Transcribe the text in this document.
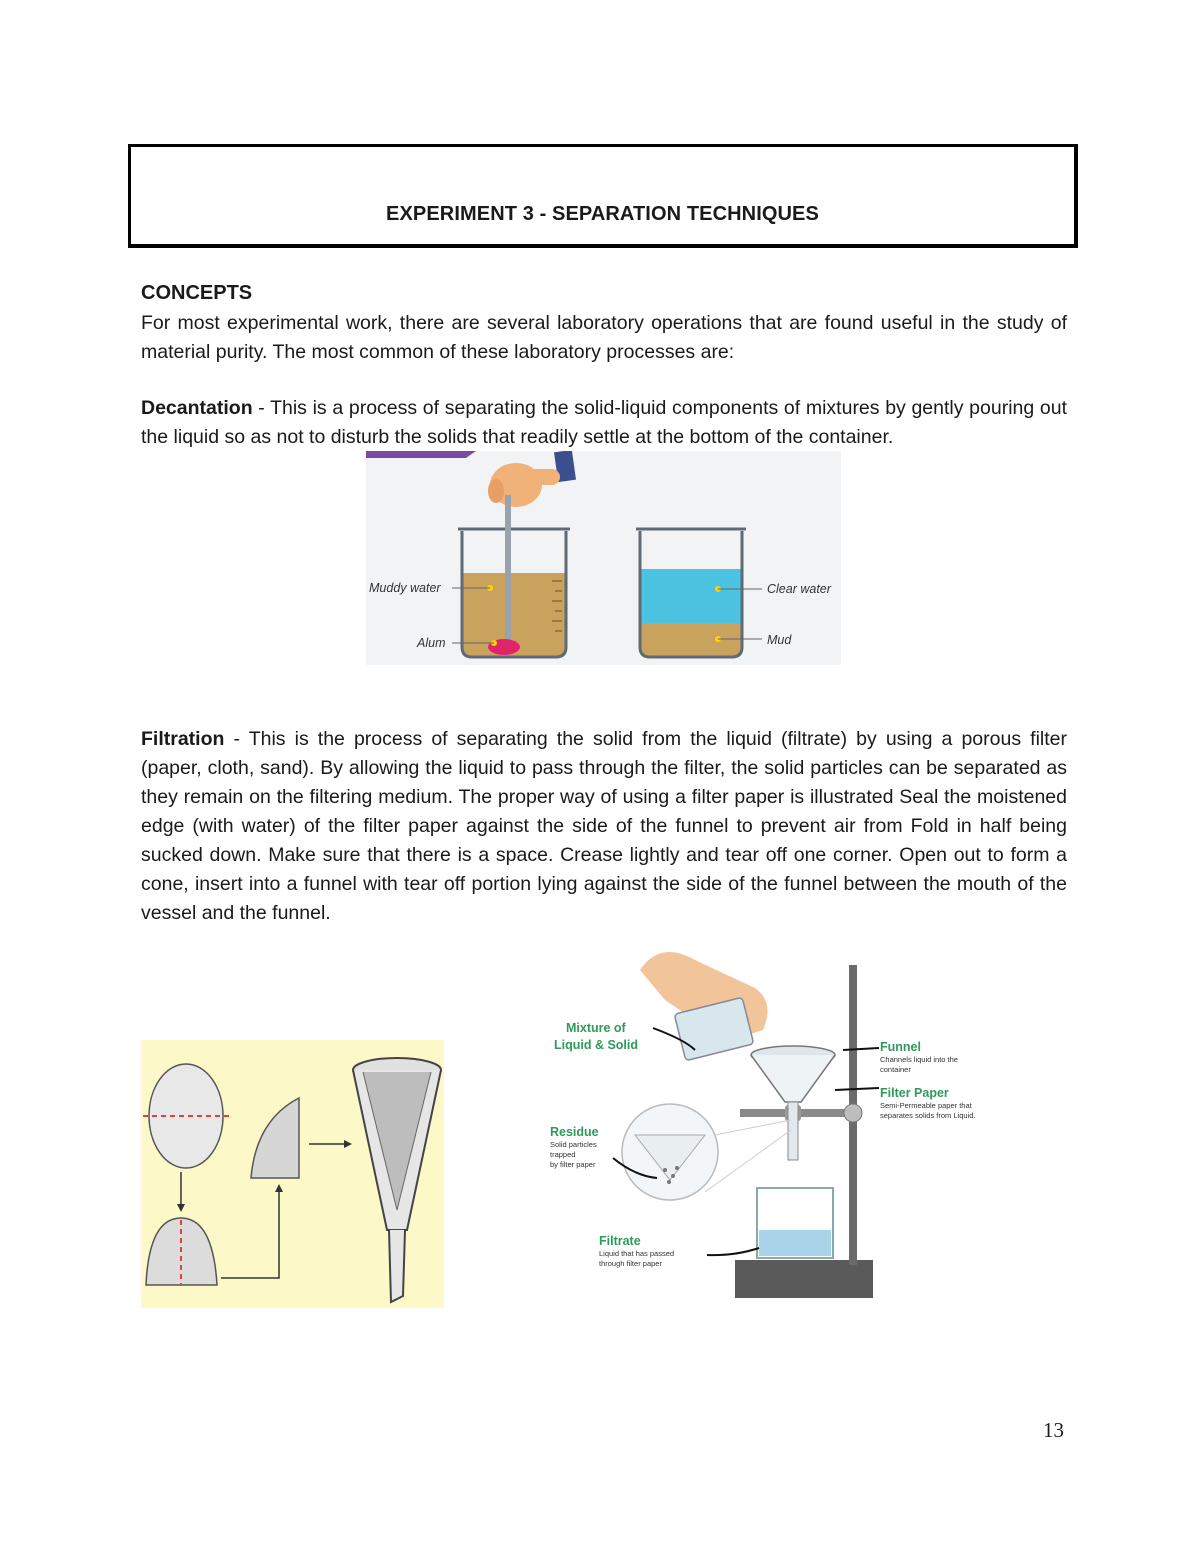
EXPERIMENT 3 - SEPARATION TECHNIQUES
CONCEPTS
For most experimental work, there are several laboratory operations that are found useful in the study of material purity. The most common of these laboratory processes are:
Decantation - This is a process of separating the solid-liquid components of mixtures by gently pouring out the liquid so as not to disturb the solids that readily settle at the bottom of the container.
Muddy water
Alum
Clear water
Mud
Filtration - This is the process of separating the solid from the liquid (filtrate) by using a porous filter (paper, cloth, sand). By allowing the liquid to pass through the filter, the solid particles can be separated as they remain on the filtering medium. The proper way of using a filter paper is illustrated Seal the moistened edge (with water) of the filter paper against the side of the funnel to prevent air from Fold in half being sucked down. Make sure that there is a space. Crease lightly and tear off one corner. Open out to form a cone, insert into a funnel with tear off portion lying against the side of the funnel between the mouth of the vessel and the funnel.
Mixture of
Liquid & Solid	Funnel
Channels liquid into the
container
Filter Paper
Semi-Permeable paper that
separates solids from Liquid.
Residue
Solid particles
trapped
by filter paper
Filtrate
Liquid that has passed
through filter paper
13
